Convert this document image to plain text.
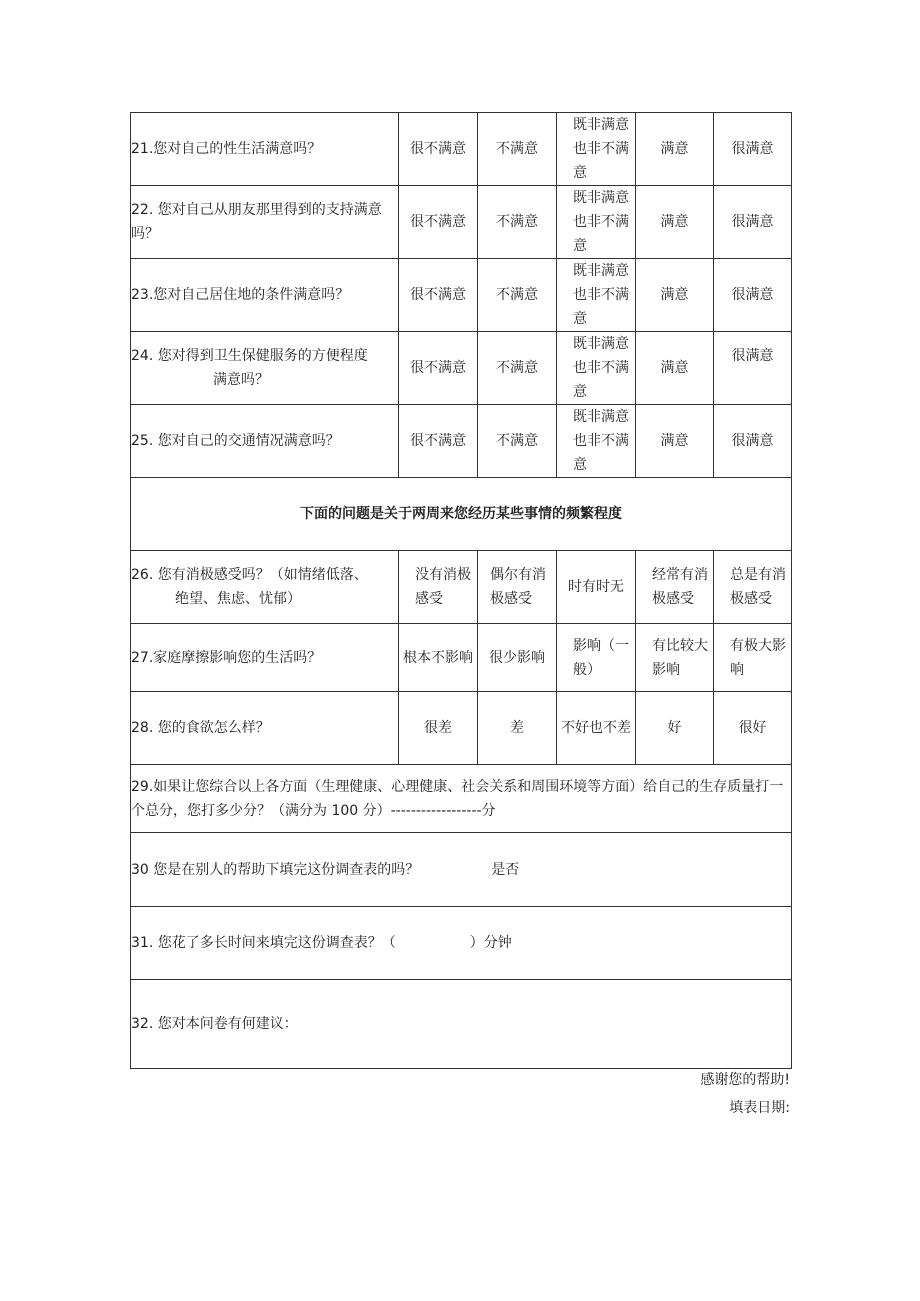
21.您对自己的性生活满意吗？	很不满意	不满意	既非满意也非不满意	满意	很满意
22. 您对自己从朋友那里得到的支持满意吗？	很不满意	不满意	既非满意也非不满意	满意	很满意
23.您对自己居住地的条件满意吗？	很不满意	不满意	既非满意也非不满意	满意	很满意
24. 您对得到卫生保健服务的方便程度
满意吗？	很不满意	不满意	既非满意也非不满意	满意	很满意
25. 您对自己的交通情况满意吗？	很不满意	不满意	既非满意也非不满意	满意	很满意
下面的问题是关于两周来您经历某些事情的频繁程度					
26. 您有消极感受吗？（如情绪低落、
绝望、焦虑、忧郁）	没有消极感受	偶尔有消极感受	时有时无	经常有消极感受	总是有消极感受
27.家庭摩擦影响您的生活吗？	根本不影响	很少影响	影响（一般）	有比较大影响	有极大影响
28. 您的食欲怎么样？	很差	差	不好也不差	好	很好
29.如果让您综合以上各方面（生理健康、心理健康、社会关系和周围环境等方面）给自己的生存质量打一个总分，您打多少分？（满分为 100 分）------------------分					
30 您是在别人的帮助下填完这份调查表的吗？ 是否					
31. 您花了多长时间来填完这份调查表？（ ）分钟					
32. 您对本问卷有何建议：					
感谢您的帮助!
填表日期:
